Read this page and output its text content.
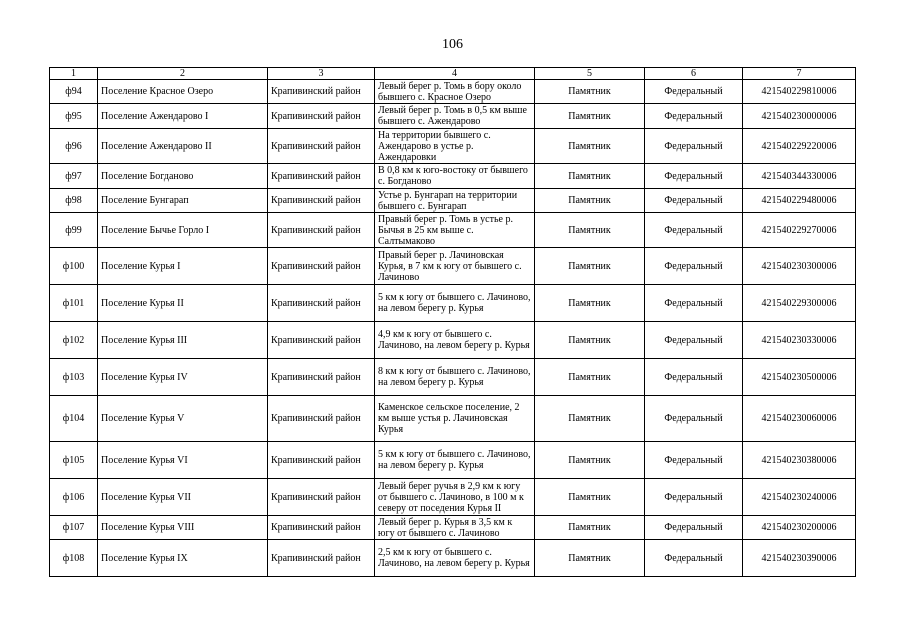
106
1	2	3	4	5	6	7
ф94	Поселение Красное Озеро	Крапивинский район	Левый берег р. Томь в бору около бывшего с. Красное Озеро	Памятник	Федеральный	421540229810006
ф95	Поселение Ажендарово I	Крапивинский район	Левый берег р. Томь в 0,5 км выше бывшего с. Ажендарово	Памятник	Федеральный	421540230000006
ф96	Поселение Ажендарово II	Крапивинский район	На территории бывшего с. Ажендарово в устье р. Ажендаровки	Памятник	Федеральный	421540229220006
ф97	Поселение Богданово	Крапивинский район	В 0,8 км к юго-востоку от бывшего с. Богданово	Памятник	Федеральный	421540344330006
ф98	Поселение Бунгарап	Крапивинский район	Устье р. Бунгарап на территории бывшего с. Бунгарап	Памятник	Федеральный	421540229480006
ф99	Поселение Бычье Горло I	Крапивинский район	Правый берег р. Томь в устье р. Бычья в 25 км выше с. Салтымаково	Памятник	Федеральный	421540229270006
ф100	Поселение Курья I	Крапивинский район	Правый берег р. Лачиновская Курья, в 7 км к югу от бывшего с. Лачиново	Памятник	Федеральный	421540230300006
ф101	Поселение Курья II	Крапивинский район	5 км к югу от бывшего с. Лачиново, на левом берегу р. Курья	Памятник	Федеральный	421540229300006
ф102	Поселение Курья III	Крапивинский район	4,9 км к югу от бывшего с. Лачиново, на левом берегу р. Курья	Памятник	Федеральный	421540230330006
ф103	Поселение Курья IV	Крапивинский район	8 км к югу от бывшего с. Лачиново, на левом берегу р. Курья	Памятник	Федеральный	421540230500006
ф104	Поселение Курья V	Крапивинский район	Каменское сельское поселение, 2 км выше устья р. Лачиновская Курья	Памятник	Федеральный	421540230060006
ф105	Поселение Курья VI	Крапивинский район	5 км к югу от бывшего с. Лачиново, на левом берегу р. Курья	Памятник	Федеральный	421540230380006
ф106	Поселение Курья VII	Крапивинский район	Левый берег ручья в 2,9 км к югу от бывшего с. Лачиново, в 100 м к северу от поседения Курья II	Памятник	Федеральный	421540230240006
ф107	Поселение Курья VIII	Крапивинский район	Левый берег р. Курья в 3,5 км к югу от бывшего с. Лачиново	Памятник	Федеральный	421540230200006
ф108	Поселение Курья IX	Крапивинский район	2,5 км к югу от бывшего с. Лачиново, на левом берегу р. Курья	Памятник	Федеральный	421540230390006
